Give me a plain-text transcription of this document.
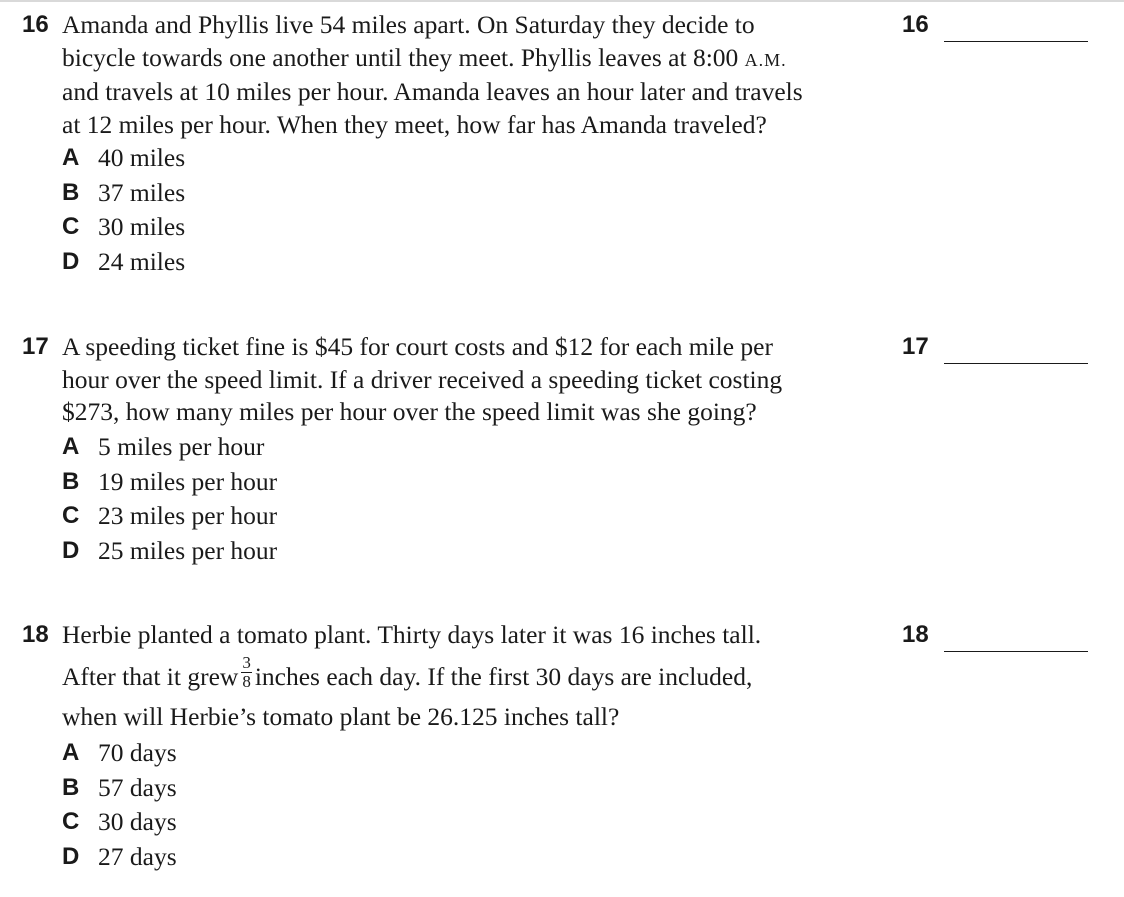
16 Amanda and Phyllis live 54 miles apart. On Saturday they decide to
bicycle towards one another until they meet. Phyllis leaves at 8:00 A.M.
and travels at 10 miles per hour. Amanda leaves an hour later and travels
at 12 miles per hour. When they meet, how far has Amanda traveled?
A 40 miles
B 37 miles
C 30 miles
D 24 miles
16
17 A speeding ticket fine is $45 for court costs and $12 for each mile per
hour over the speed limit. If a driver received a speeding ticket costing
$273, how many miles per hour over the speed limit was she going?
A 5 miles per hour
B 19 miles per hour
C 23 miles per hour
D 25 miles per hour
17
18 Herbie planted a tomato plant. Thirty days later it was 16 inches tall.
After that it grew $\frac{3}{8}$ inches each day. If the first 30 days are included,
when will Herbie’s tomato plant be 26.125 inches tall?
A 70 days
B 57 days
C 30 days
D 27 days
18
